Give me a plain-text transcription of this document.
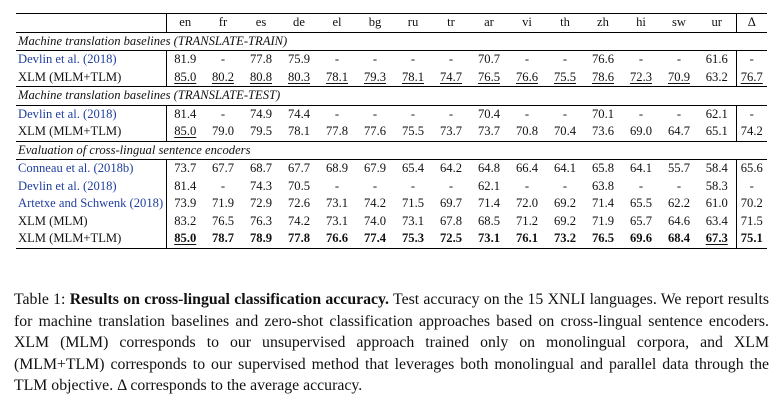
	en	fr	es	de	el	bg	ru	tr	ar	vi	th	zh	hi	sw	ur	Δ
Machine translation baselines (TRANSLATE-TRAIN)																
Devlin et al. (2018)	81.9	-	77.8	75.9	-	-	-	-	70.7	-	-	76.6	-	-	61.6	-
XLM (MLM+TLM)	85.0	80.2	80.8	80.3	78.1	79.3	78.1	74.7	76.5	76.6	75.5	78.6	72.3	70.9	63.2	76.7
Machine translation baselines (TRANSLATE-TEST)																
Devlin et al. (2018)	81.4	-	74.9	74.4	-	-	-	-	70.4	-	-	70.1	-	-	62.1	-
XLM (MLM+TLM)	85.0	79.0	79.5	78.1	77.8	77.6	75.5	73.7	73.7	70.8	70.4	73.6	69.0	64.7	65.1	74.2
Evaluation of cross-lingual sentence encoders																
Conneau et al. (2018b)	73.7	67.7	68.7	67.7	68.9	67.9	65.4	64.2	64.8	66.4	64.1	65.8	64.1	55.7	58.4	65.6
Devlin et al. (2018)	81.4	-	74.3	70.5	-	-	-	-	62.1	-	-	63.8	-	-	58.3	-
Artetxe and Schwenk (2018)	73.9	71.9	72.9	72.6	73.1	74.2	71.5	69.7	71.4	72.0	69.2	71.4	65.5	62.2	61.0	70.2
XLM (MLM)	83.2	76.5	76.3	74.2	73.1	74.0	73.1	67.8	68.5	71.2	69.2	71.9	65.7	64.6	63.4	71.5
XLM (MLM+TLM)	85.0	78.7	78.9	77.8	76.6	77.4	75.3	72.5	73.1	76.1	73.2	76.5	69.6	68.4	67.3	75.1
Table 1: Results on cross-lingual classification accuracy. Test accuracy on the 15 XNLI languages. We report results for machine translation baselines and zero-shot classification approaches based on cross-lingual sentence encoders. XLM (MLM) corresponds to our unsupervised approach trained only on monolingual corpora, and XLM (MLM+TLM) corresponds to our supervised method that leverages both monolingual and parallel data through the TLM objective. Δ corresponds to the average accuracy.
